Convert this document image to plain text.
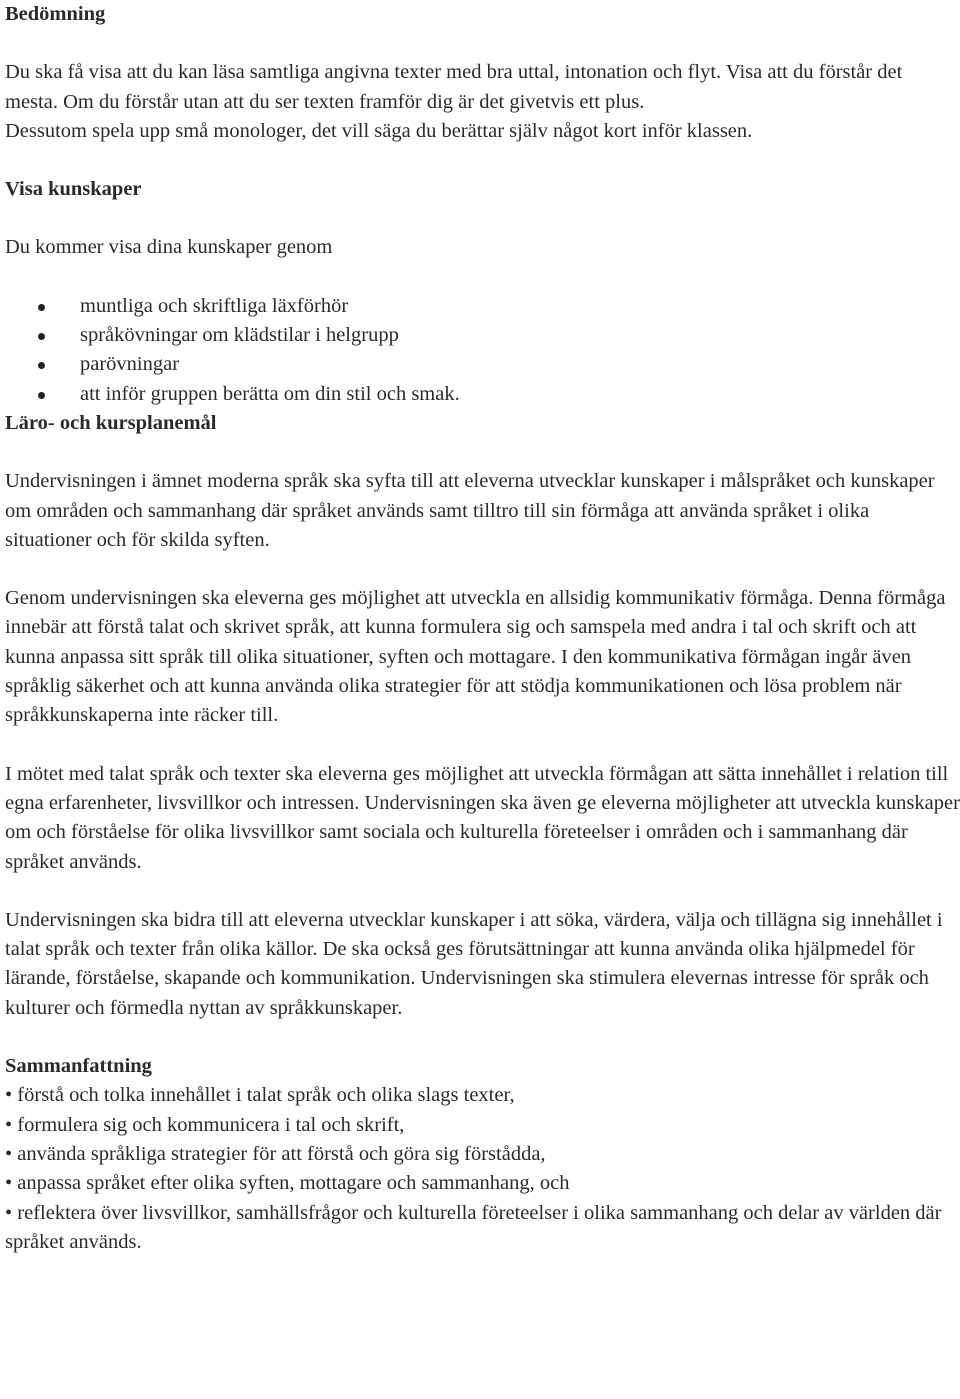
Bedömning

Du ska få visa att du kan läsa samtliga angivna texter med bra uttal, intonation och flyt. Visa att du förstår det mesta. Om du förstår utan att du ser texten framför dig är det givetvis ett plus.

Dessutom spela upp små monologer, det vill säga du berättar själv något kort inför klassen.

Visa kunskaper

Du kommer visa dina kunskaper genom

muntliga och skriftliga läxförhör
språkövningar om klädstilar i helgrupp
parövningar
att inför gruppen berätta om din stil och smak.

Läro- och kursplanemål

Undervisningen i ämnet moderna språk ska syfta till att eleverna utvecklar kunskaper i målspråket och kunskaper om områden och sammanhang där språket används samt tilltro till sin förmåga att använda språket i olika situationer och för skilda syften.

Genom undervisningen ska eleverna ges möjlighet att utveckla en allsidig kommunikativ förmåga. Denna förmåga innebär att förstå talat och skrivet språk, att kunna formulera sig och samspela med andra i tal och skrift och att kunna anpassa sitt språk till olika situationer, syften och mottagare. I den kommunikativa förmågan ingår även språklig säkerhet och att kunna använda olika strategier för att stödja kommunikationen och lösa problem när språkkunskaperna inte räcker till.

I mötet med talat språk och texter ska eleverna ges möjlighet att utveckla förmågan att sätta innehållet i relation till egna erfarenheter, livsvillkor och intressen. Undervisningen ska även ge eleverna möjligheter att utveckla kunskaper om och förståelse för olika livsvillkor samt sociala och kulturella företeelser i områden och i sammanhang där språket används.

Undervisningen ska bidra till att eleverna utvecklar kunskaper i att söka, värdera, välja och tillägna sig innehållet i talat språk och texter från olika källor. De ska också ges förutsättningar att kunna använda olika hjälpmedel för lärande, förståelse, skapande och kommunikation. Undervisningen ska stimulera elevernas intresse för språk och kulturer och förmedla nyttan av språkkunskaper.

Sammanfattning

• förstå och tolka innehållet i talat språk och olika slags texter,
• formulera sig och kommunicera i tal och skrift,
• använda språkliga strategier för att förstå och göra sig förstådda,
• anpassa språket efter olika syften, mottagare och sammanhang, och
• reflektera över livsvillkor, samhällsfrågor och kulturella företeelser i olika sammanhang och delar av världen där språket används.
